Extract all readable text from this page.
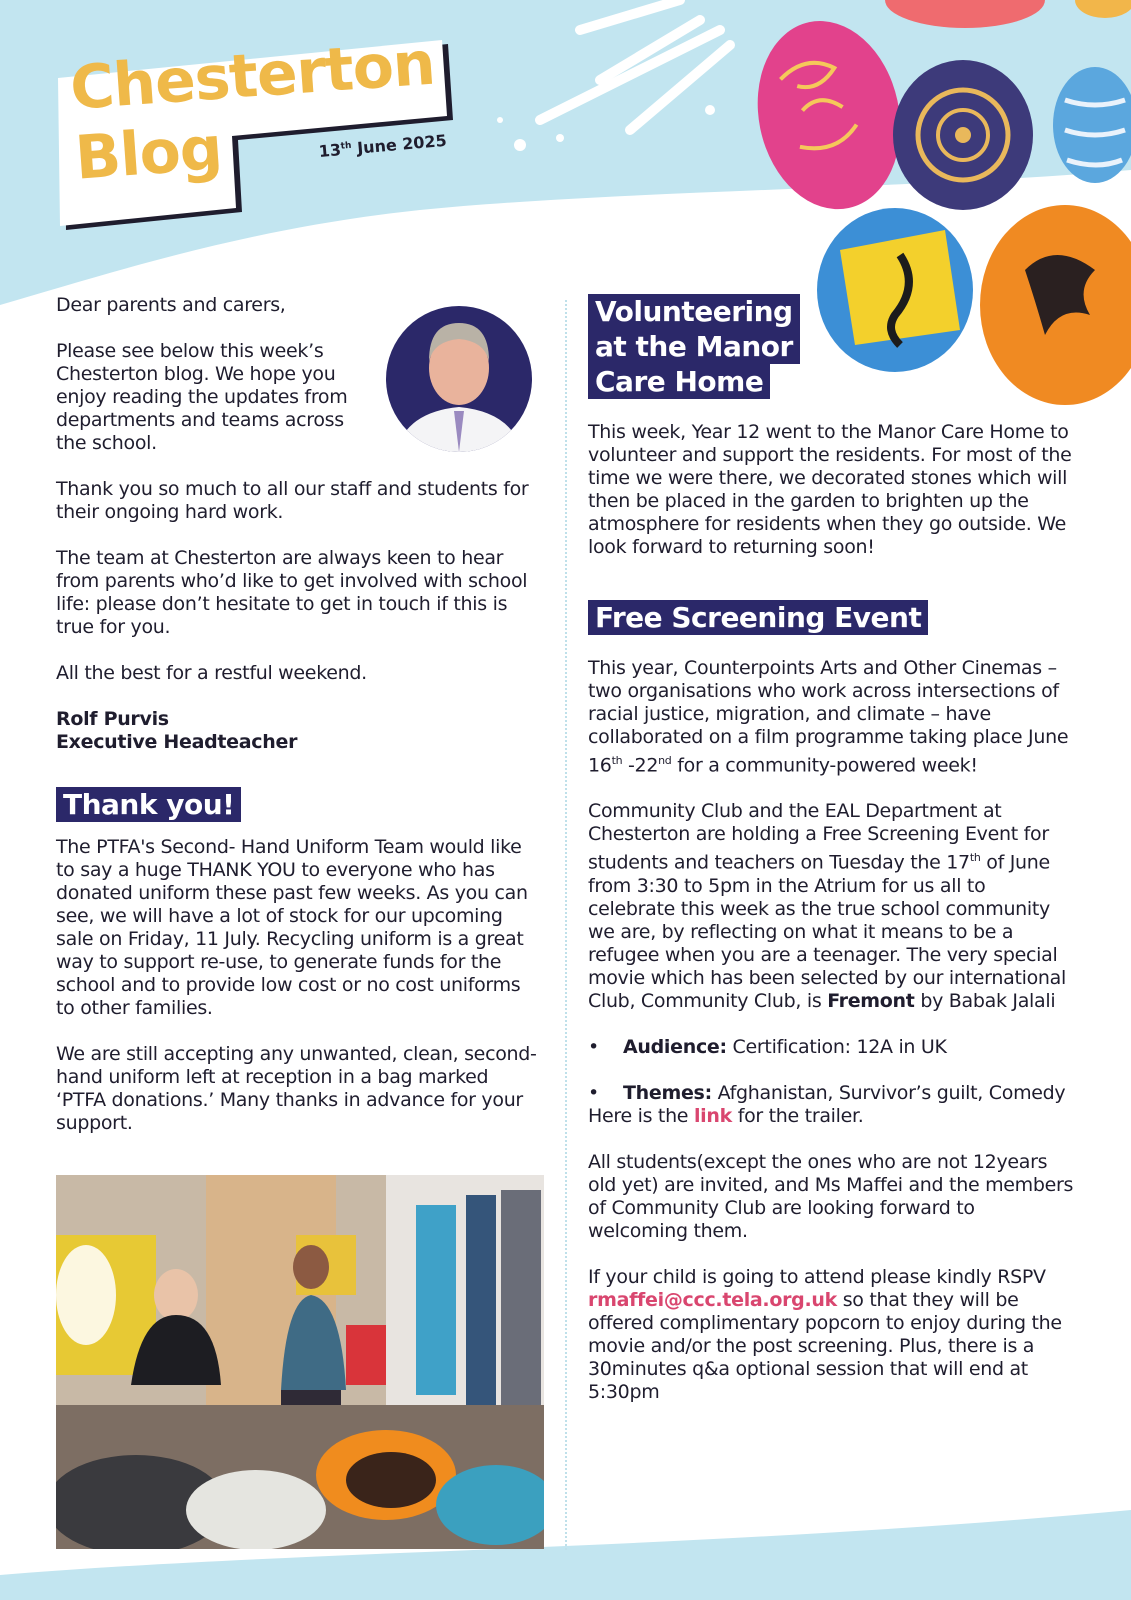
Chesterton
Blog	13th June 2025

Dear parents and carers,

Please see below this week’s Chesterton blog. We hope you enjoy reading the updates from departments and teams across the school.

Thank you so much to all our staff and students for their ongoing hard work.

The team at Chesterton are always keen to hear from parents who’d like to get involved with school life: please don’t hesitate to get in touch if this is true for you.

All the best for a restful weekend.

Rolf Purvis
Executive Headteacher

Thank you!

The PTFA's Second- Hand Uniform Team would like to say a huge THANK YOU to everyone who has donated uniform these past few weeks. As you can see, we will have a lot of stock for our upcoming sale on Friday, 11 July. Recycling uniform is a great way to support re-use, to generate funds for the school and to provide low cost or no cost uniforms to other families.

We are still accepting any unwanted, clean, second-hand uniform left at reception in a bag marked ‘PTFA donations.’ Many thanks in advance for your support.

Volunteering
at the Manor
Care Home

This week, Year 12 went to the Manor Care Home to volunteer and support the residents. For most of the time we were there, we decorated stones which will then be placed in the garden to brighten up the atmosphere for residents when they go outside. We look forward to returning soon!

Free Screening Event

This year, Counterpoints Arts and Other Cinemas – two organisations who work across intersections of racial justice, migration, and climate – have collaborated on a film programme taking place June 16th -22nd for a community-powered week!

Community Club and the EAL Department at Chesterton are holding a Free Screening Event for students and teachers on Tuesday the 17th of June from 3:30 to 5pm in the Atrium for us all to celebrate this week as the true school community we are, by reflecting on what it means to be a refugee when you are a teenager. The very special movie which has been selected by our international Club, Community Club, is Fremont by Babak Jalali

• Audience: Certification: 12A in UK
• Themes: Afghanistan, Survivor’s guilt, Comedy

Here is the link for the trailer.

All students(except the ones who are not 12years old yet) are invited, and Ms Maffei and the members of Community Club are looking forward to welcoming them.

If your child is going to attend please kindly RSPV rmaffei@ccc.tela.org.uk so that they will be offered complimentary popcorn to enjoy during the movie and/or the post screening. Plus, there is a 30minutes q&a optional session that will end at 5:30pm
